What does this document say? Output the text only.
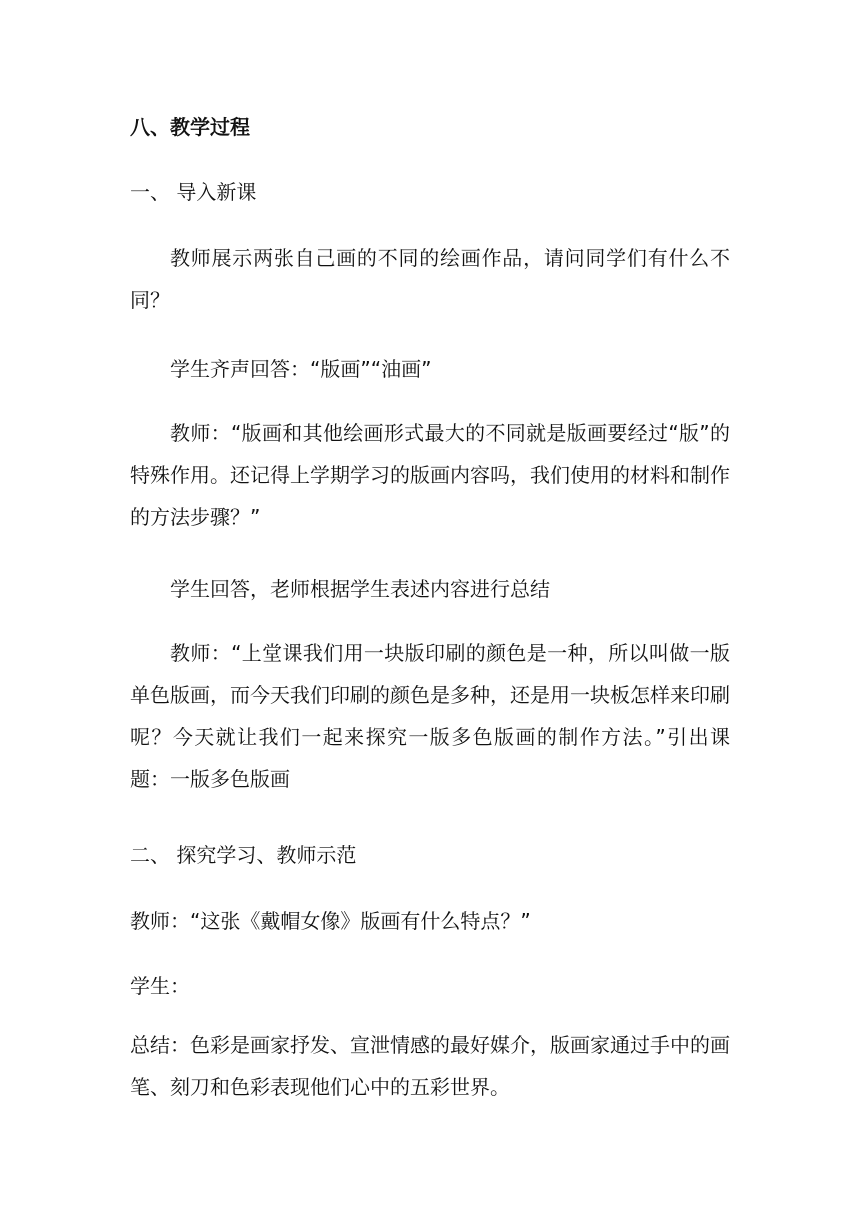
八、教学过程
一、 导入新课
教师展示两张自己画的不同的绘画作品，请问同学们有什么不同？
学生齐声回答：“版画”“油画”
教师：“版画和其他绘画形式最大的不同就是版画要经过“版”的特殊作用。还记得上学期学习的版画内容吗，我们使用的材料和制作的方法步骤？”
学生回答，老师根据学生表述内容进行总结
教师：“上堂课我们用一块版印刷的颜色是一种，所以叫做一版单色版画，而今天我们印刷的颜色是多种，还是用一块板怎样来印刷呢？今天就让我们一起来探究一版多色版画的制作方法。”引出课题：一版多色版画
二、 探究学习、教师示范
教师：“这张《戴帽女像》版画有什么特点？”
学生：
总结：色彩是画家抒发、宣泄情感的最好媒介，版画家通过手中的画笔、刻刀和色彩表现他们心中的五彩世界。
